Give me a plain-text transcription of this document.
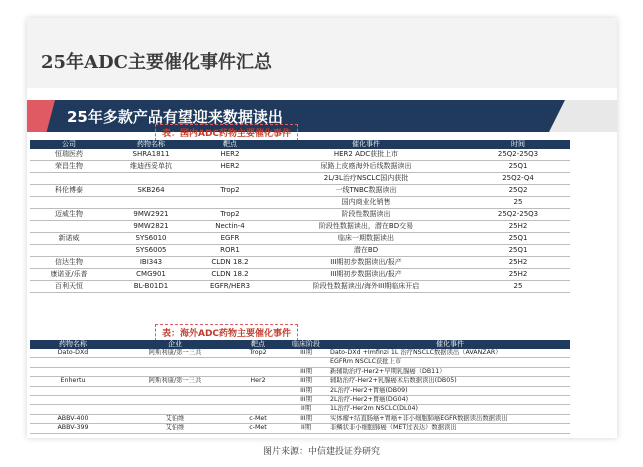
25年ADC主要催化事件汇总
25年多款产品有望迎来数据读出
表：国内ADC药物主要催化事件
公司	药物名称	靶点	催化事件	时间
恒瑞医药	SHRA1811	HER2	HER2 ADC获批上市	25Q2-25Q3
荣昌生物	维迪西妥单抗	HER2	尿路上皮癌海外后线数据读出	25Q1
			2L/3L治疗NSCLC国内获批	25Q2-Q4
科伦博泰	SKB264	Trop2	一线TNBC数据读出	25Q2
			国内商业化销售	25
迈威生物	9MW2921	Trop2	阶段性数据读出	25Q2-25Q3
	9MW2821	Nectin-4	阶段性数据读出，潜在BD交易	25H2
新诺威	SYS6010	EGFR	临床一期数据读出	25Q1
	SYS6005	ROR1	潜在BD	25Q1
信达生物	IBI343	CLDN 18.2	III期初步数据读出/报产	25H2
康诺亚/乐普	CMG901	CLDN 18.2	III期初步数据读出/报产	25H2
百利天恒	BL-B01D1	EGFR/HER3	阶段性数据读出/海外III期临床开启	25
表：海外ADC药物主要催化事件
药物名称	企业	靶点	临床阶段	催化事件
Dato-DXd	阿斯利康/第一三共	Trop2	III期	Dato-DXd +Imfinzi 1L 治疗NSCLC数据读出（AVANZAR）
				EGFRm NSCLC获批上市
			III期	新辅助治疗-Her2+早期乳腺癌（DB11）
Enhertu	阿斯利康/第一三共	Her2	III期	辅助治疗-Her2+乳腺癌术后数据读出(DB05)
			III期	2L治疗-Her2+胃癌(DB09)
			III期	2L治疗-Her2+胃癌(DG04)
			II期	1L治疗-Her2m NSCLC(DL04)
ABBV-400	艾伯维	c-Met	III期	实体瘤+结直肠癌+胃癌+非小细胞肺癌EGFR数据读出数据读出
ABBV-399	艾伯维	c-Met	II期	非鳞状非小细胞肺癌（MET过表达）数据读出
图片来源：中信建投证券研究
